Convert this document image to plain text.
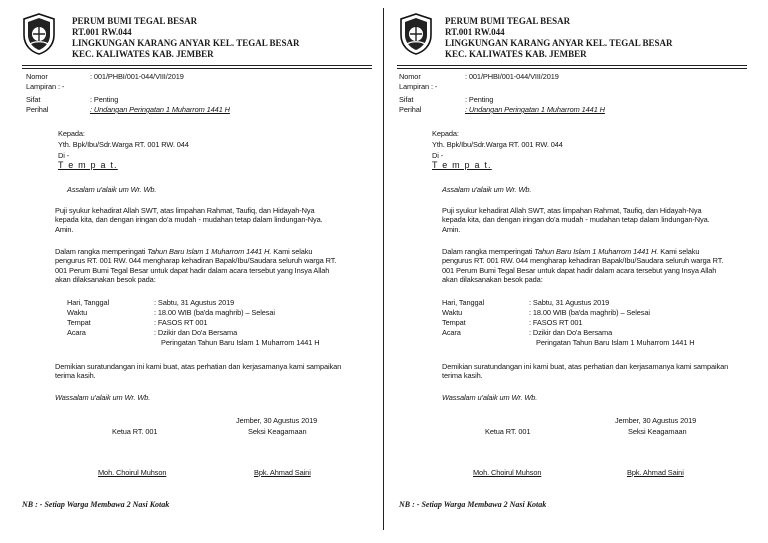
PERUM BUMI TEGAL BESAR
RT.001 RW.044
LINGKUNGAN KARANG ANYAR KEL. TEGAL BESAR
KEC. KALIWATES KAB. JEMBER
Nomor	: 001/PHBI/001-044/VIII/2019
Lampiran : -
Sifat	: Penting
Perihal	: Undangan Peringatan 1 Muharrom 1441 H
Kepada:
Yth. Bpk/Ibu/Sdr.Warga RT. 001 RW. 044
Di -
T e m p a t.
Assalam u'alaik um Wr. Wb.
Puji syukur kehadirat Allah SWT, atas limpahan Rahmat, Taufiq, dan Hidayah-Nya
kepada kita, dan dengan iringan do'a mudah - mudahan tetap dalam lindungan-Nya.
Amin.
Dalam rangka memperingati Tahun Baru Islam 1 Muharrom 1441 H. Kami selaku
pengurus RT. 001 RW. 044 mengharap kehadiran Bapak/Ibu/Saudara seluruh warga RT.
001 Perum Bumi Tegal Besar untuk dapat hadir dalam acara tersebut yang Insya Allah
akan dilaksanakan besok pada:
Hari, Tanggal	: Sabtu, 31 Agustus 2019
Waktu	: 18.00 WIB (ba'da maghrib) – Selesai
Tempat	: FASOS RT 001
Acara	: Dzikir dan Do'a Bersama
Peringatan Tahun Baru Islam 1 Muharrom 1441 H
Demikian suratundangan ini kami buat, atas perhatian dan kerjasamanya kami sampaikan
terima kasih.
Wassalam u'alaik um Wr. Wb.
Jember, 30 Agustus 2019
Ketua RT. 001	Seksi Keagamaan
Moh. Choirul Muhson	Bpk. Ahmad Saini
NB : - Setiap Warga Membawa 2 Nasi Kotak
PERUM BUMI TEGAL BESAR
RT.001 RW.044
LINGKUNGAN KARANG ANYAR KEL. TEGAL BESAR
KEC. KALIWATES KAB. JEMBER
Nomor	: 001/PHBI/001-044/VIII/2019
Lampiran : -
Sifat	: Penting
Perihal	: Undangan Peringatan 1 Muharrom 1441 H
Kepada:
Yth. Bpk/Ibu/Sdr.Warga RT. 001 RW. 044
Di -
T e m p a t.
Assalam u'alaik um Wr. Wb.
Puji syukur kehadirat Allah SWT, atas limpahan Rahmat, Taufiq, dan Hidayah-Nya
kepada kita, dan dengan iringan do'a mudah - mudahan tetap dalam lindungan-Nya.
Amin.
Dalam rangka memperingati Tahun Baru Islam 1 Muharrom 1441 H. Kami selaku
pengurus RT. 001 RW. 044 mengharap kehadiran Bapak/Ibu/Saudara seluruh warga RT.
001 Perum Bumi Tegal Besar untuk dapat hadir dalam acara tersebut yang Insya Allah
akan dilaksanakan besok pada:
Hari, Tanggal	: Sabtu, 31 Agustus 2019
Waktu	: 18.00 WIB (ba'da maghrib) – Selesai
Tempat	: FASOS RT 001
Acara	: Dzikir dan Do'a Bersama
Peringatan Tahun Baru Islam 1 Muharrom 1441 H
Demikian suratundangan ini kami buat, atas perhatian dan kerjasamanya kami sampaikan
terima kasih.
Wassalam u'alaik um Wr. Wb.
Jember, 30 Agustus 2019
Ketua RT. 001	Seksi Keagamaan
Moh. Choirul Muhson	Bpk. Ahmad Saini
NB : - Setiap Warga Membawa 2 Nasi Kotak
